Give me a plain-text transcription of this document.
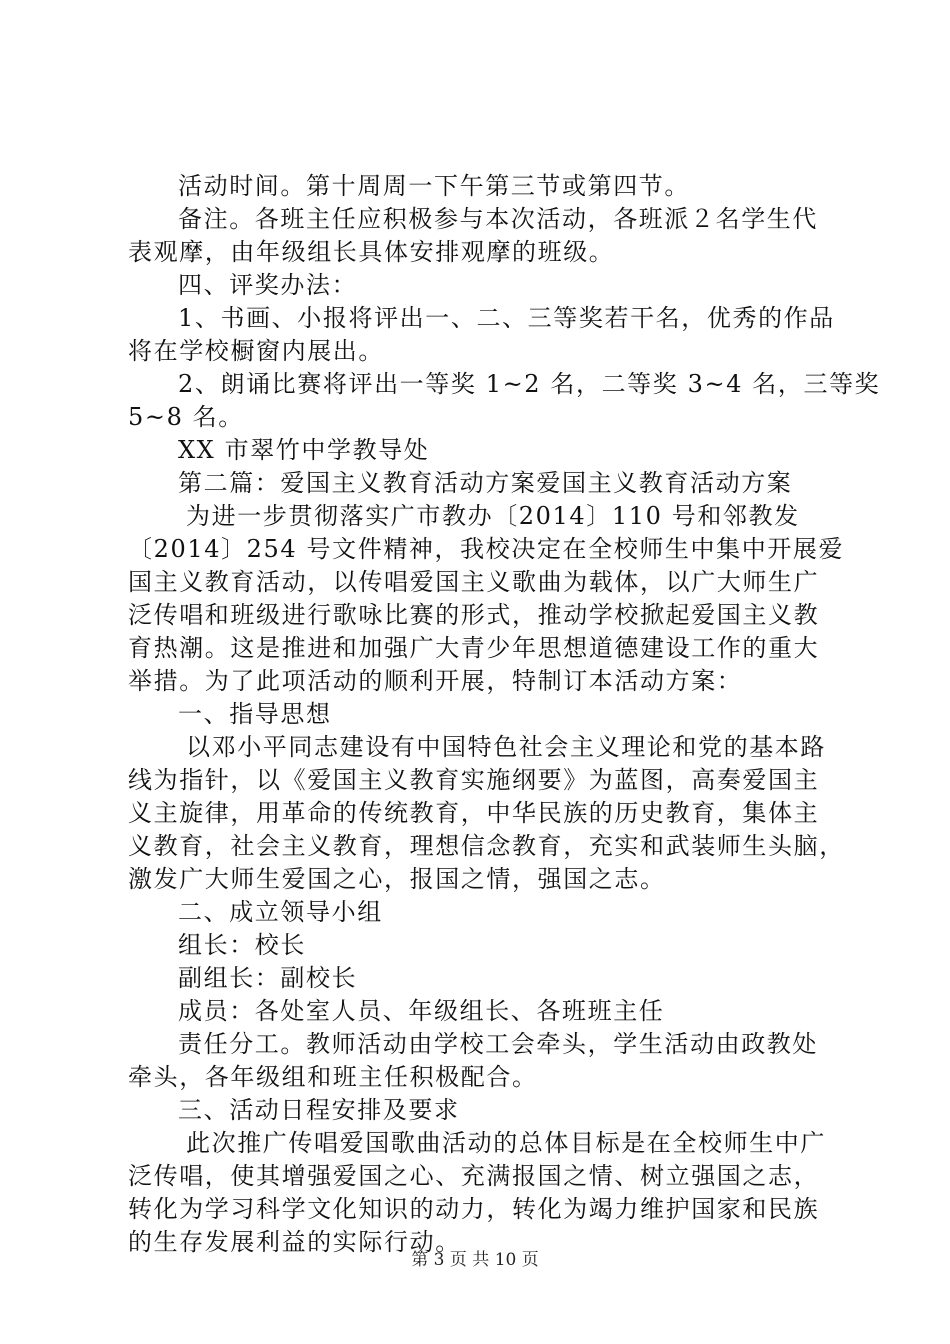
活动时间。第十周周一下午第三节或第四节。
备注。各班主任应积极参与本次活动，各班派２名学生代
表观摩，由年级组长具体安排观摩的班级。
四、评奖办法：
1、书画、小报将评出一、二、三等奖若干名，优秀的作品
将在学校橱窗内展出。
2、朗诵比赛将评出一等奖 1~2 名，二等奖 3~4 名，三等奖
5~8 名。
XX 市翠竹中学教导处
第二篇：爱国主义教育活动方案爱国主义教育活动方案
为进一步贯彻落实广市教办〔2014〕110 号和邻教发
〔2014〕254 号文件精神，我校决定在全校师生中集中开展爱
国主义教育活动，以传唱爱国主义歌曲为载体，以广大师生广
泛传唱和班级进行歌咏比赛的形式，推动学校掀起爱国主义教
育热潮。这是推进和加强广大青少年思想道德建设工作的重大
举措。为了此项活动的顺利开展，特制订本活动方案：
一、指导思想
以邓小平同志建设有中国特色社会主义理论和党的基本路
线为指针，以《爱国主义教育实施纲要》为蓝图，高奏爱国主
义主旋律，用革命的传统教育，中华民族的历史教育，集体主
义教育，社会主义教育，理想信念教育，充实和武装师生头脑，
激发广大师生爱国之心，报国之情，强国之志。
二、成立领导小组
组长：校长
副组长：副校长
成员：各处室人员、年级组长、各班班主任
责任分工。教师活动由学校工会牵头，学生活动由政教处
牵头，各年级组和班主任积极配合。
三、活动日程安排及要求
此次推广传唱爱国歌曲活动的总体目标是在全校师生中广
泛传唱，使其增强爱国之心、充满报国之情、树立强国之志，
转化为学习科学文化知识的动力，转化为竭力维护国家和民族
的生存发展利益的实际行动。
第 3 页 共 10 页
